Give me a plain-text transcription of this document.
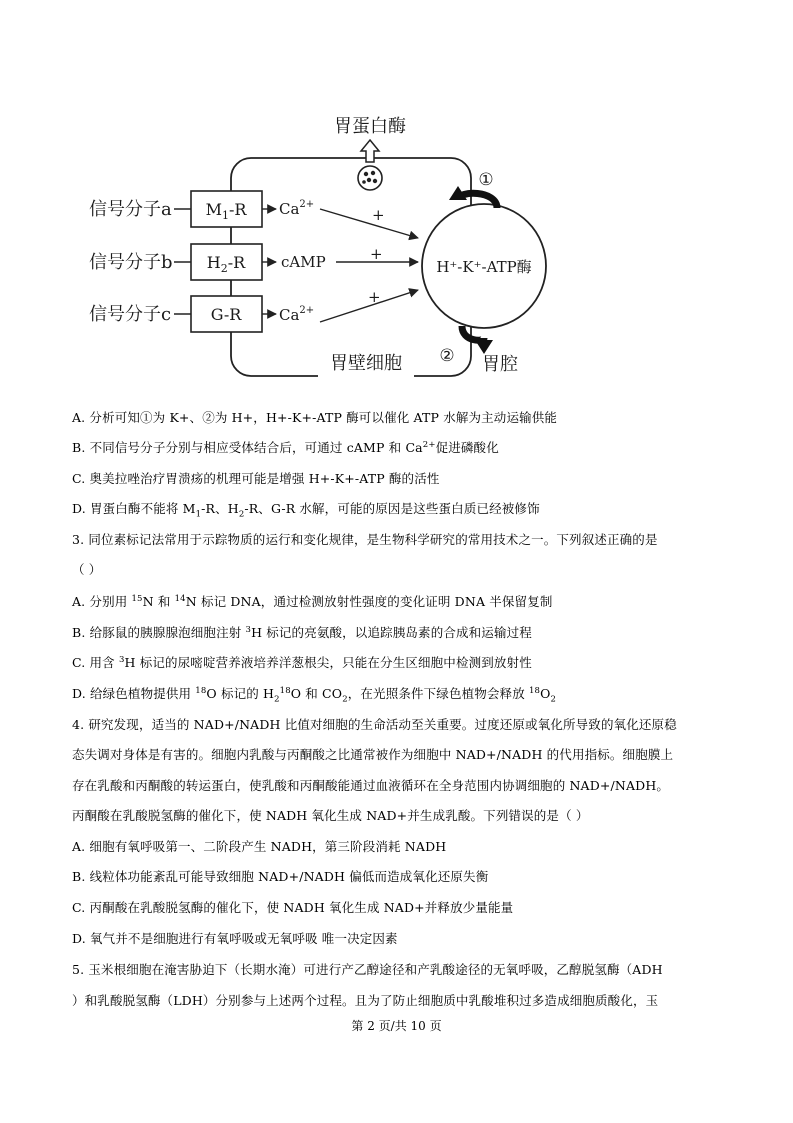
胃蛋白酶
H⁺-K⁺-ATP酶
①
②
胃壁细胞	胃腔
信号分子a $M_1-R$ $Ca^{2+}$
+
信号分子b $H_2-R$ cAMP	+
信号分子c G-R	$Ca^{2+}$
+
A. 分析可知①为 K+、②为 H+，H+-K+-ATP 酶可以催化 ATP 水解为主动运输供能
B. 不同信号分子分别与相应受体结合后，可通过 cAMP 和 $Ca^{2+}$促进磷酸化
C. 奥美拉唑治疗胃溃疡的机理可能是增强 H+-K+-ATP 酶的活性
D. 胃蛋白酶不能将 $M_1-R$、$H_2-R$、G-R 水解，可能的原因是这些蛋白质已经被修饰
3. 同位素标记法常用于示踪物质的运行和变化规律，是生物科学研究的常用技术之一。下列叙述正确的是
（ ）
A. 分别用 $^{15}$N 和 $^{14}$N 标记 DNA，通过检测放射性强度的变化证明 DNA 半保留复制
B. 给豚鼠的胰腺腺泡细胞注射 $^3$H 标记的亮氨酸，以追踪胰岛素的合成和运输过程
C. 用含 $^3$H 标记的尿嘧啶营养液培养洋葱根尖，只能在分生区细胞中检测到放射性
D. 给绿色植物提供用 $^{18}$O 标记的 $H_2^{18}O$ 和 $CO_2$，在光照条件下绿色植物会释放 $^{18}O_2$
4. 研究发现，适当的 NAD+/NADH 比值对细胞的生命活动至关重要。过度还原或氧化所导致的氧化还原稳
态失调对身体是有害的。细胞内乳酸与丙酮酸之比通常被作为细胞中 NAD+/NADH 的代用指标。细胞膜上
存在乳酸和丙酮酸的转运蛋白，使乳酸和丙酮酸能通过血液循环在全身范围内协调细胞的 NAD+/NADH。
丙酮酸在乳酸脱氢酶的催化下，使 NADH 氧化生成 NAD+并生成乳酸。下列错误的是（ ）
A. 细胞有氧呼吸第一、二阶段产生 NADH，第三阶段消耗 NADH
B. 线粒体功能紊乱可能导致细胞 NAD+/NADH 偏低而造成氧化还原失衡
C. 丙酮酸在乳酸脱氢酶的催化下，使 NADH 氧化生成 NAD+并释放少量能量
D. 氧气并不是细胞进行有氧呼吸或无氧呼吸 唯一决定因素
5. 玉米根细胞在淹害胁迫下（长期水淹）可进行产乙醇途径和产乳酸途径的无氧呼吸，乙醇脱氢酶（ADH
）和乳酸脱氢酶（LDH）分别参与上述两个过程。且为了防止细胞质中乳酸堆积过多造成细胞质酸化，玉
第 2 页/共 10 页
